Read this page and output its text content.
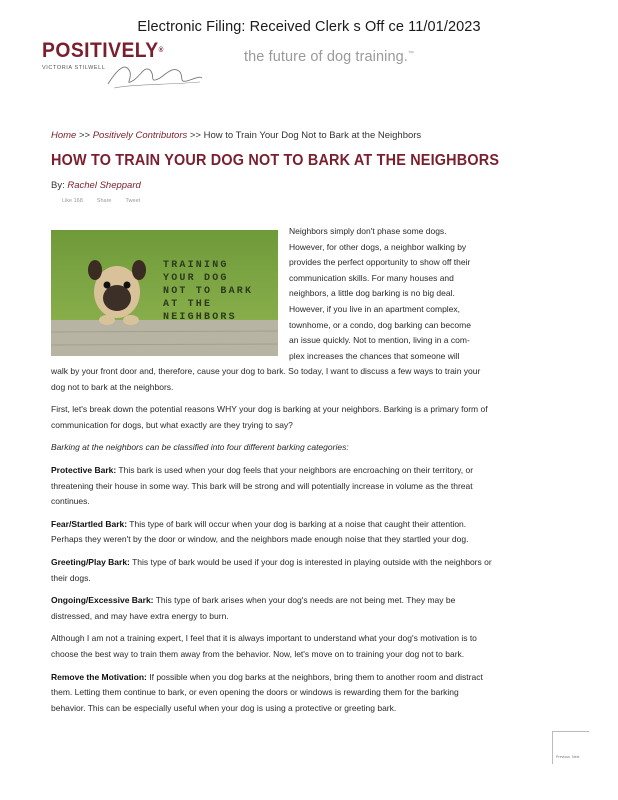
Electronic Filing: Received Clerk s Off ce 11/01/2023
POSITIVELY®
VICTORIA STILWELL
the future of dog training.™
Home >> Positively Contributors >> How to Train Your Dog Not to Bark at the Neighbors
HOW TO TRAIN YOUR DOG NOT TO BARK AT THE NEIGHBORS
By: Rachel Sheppard
Like 168	Share	Tweet
TRAINING
YOUR DOG
NOT TO BARK
AT THE
NEIGHBORS
Neighbors simply don't phase some dogs.
However, for other dogs, a neighbor walking by
provides the perfect opportunity to show off their
communication skills. For many houses and
neighbors, a little dog barking is no big deal.
However, if you live in an apartment complex,
townhome, or a condo, dog barking can become
an issue quickly. Not to mention, living in a com-
plex increases the chances that someone will

walk by your front door and, therefore, cause your dog to bark. So today, I want to discuss a few ways to train your dog not to bark at the neighbors.

First, let's break down the potential reasons WHY your dog is barking at your neighbors. Barking is a primary form of communication for dogs, but what exactly are they trying to say?

Barking at the neighbors can be classified into four different barking categories:

Protective Bark: This bark is used when your dog feels that your neighbors are encroaching on their territory, or threatening their house in some way. This bark will be strong and will potentially increase in volume as the threat continues.

Fear/Startled Bark: This type of bark will occur when your dog is barking at a noise that caught their attention. Perhaps they weren't by the door or window, and the neighbors made enough noise that they startled your dog.

Greeting/Play Bark: This type of bark would be used if your dog is interested in playing outside with the neighbors or their dogs.

Ongoing/Excessive Bark: This type of bark arises when your dog's needs are not being met. They may be distressed, and may have extra energy to burn.

Although I am not a training expert, I feel that it is always important to understand what your dog's motivation is to choose the best way to train them away from the behavior. Now, let's move on to training your dog not to bark.

Remove the Motivation: If possible when you dog barks at the neighbors, bring them to another room and distract them. Letting them continue to bark, or even opening the doors or windows is rewarding them for the barking behavior. This can be especially useful when your dog is using a protective or greeting bark.

Previous Next
